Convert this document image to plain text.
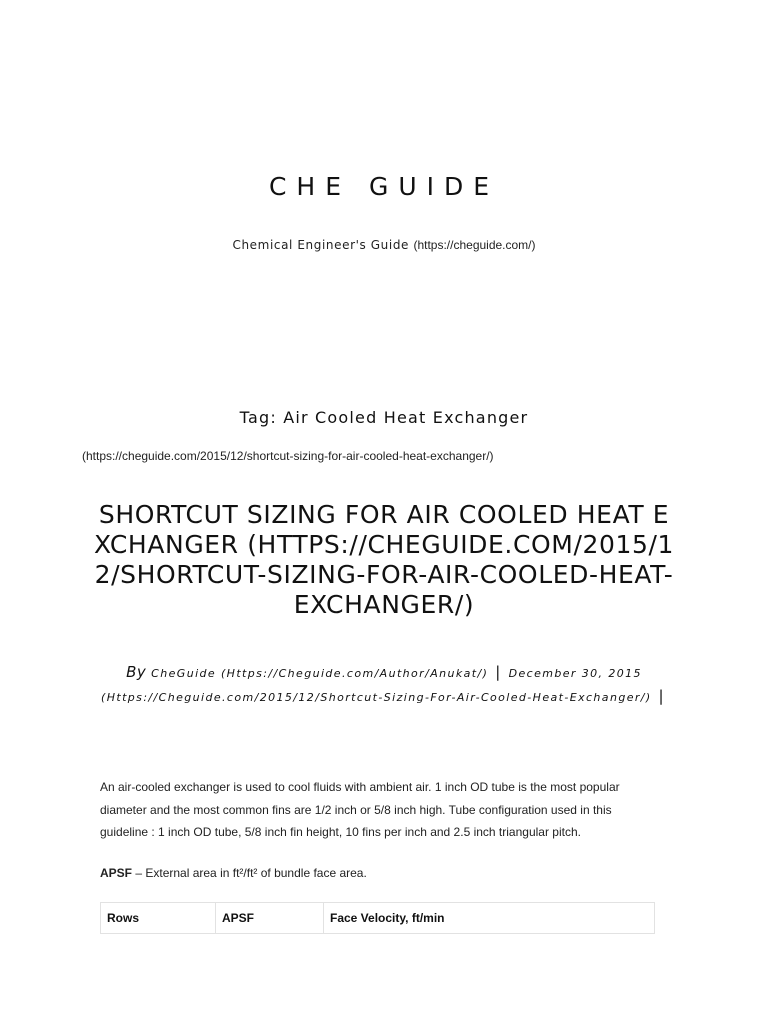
CHE GUIDE
Chemical Engineer's Guide (https://cheguide.com/)
Tag: Air Cooled Heat Exchanger
(https://cheguide.com/2015/12/shortcut-sizing-for-air-cooled-heat-exchanger/)
SHORTCUT SIZING FOR AIR COOLED HEAT EXCHANGER (HTTPS://CHEGUIDE.COM/2015/12/SHORTCUT-SIZING-FOR-AIR-COOLED-HEAT-EXCHANGER/)
By CheGuide (Https://Cheguide.com/Author/Anukat/) | December 30, 2015 (Https://Cheguide.com/2015/12/Shortcut-Sizing-For-Air-Cooled-Heat-Exchanger/) |

An air-cooled exchanger is used to cool fluids with ambient air. 1 inch OD tube is the most popular diameter and the most common fins are 1/2 inch or 5/8 inch high. Tube configuration used in this guideline : 1 inch OD tube, 5/8 inch fin height, 10 fins per inch and 2.5 inch triangular pitch.

APSF – External area in ft²/ft² of bundle face area.

Rows	APSF	Face Velocity, ft/min
